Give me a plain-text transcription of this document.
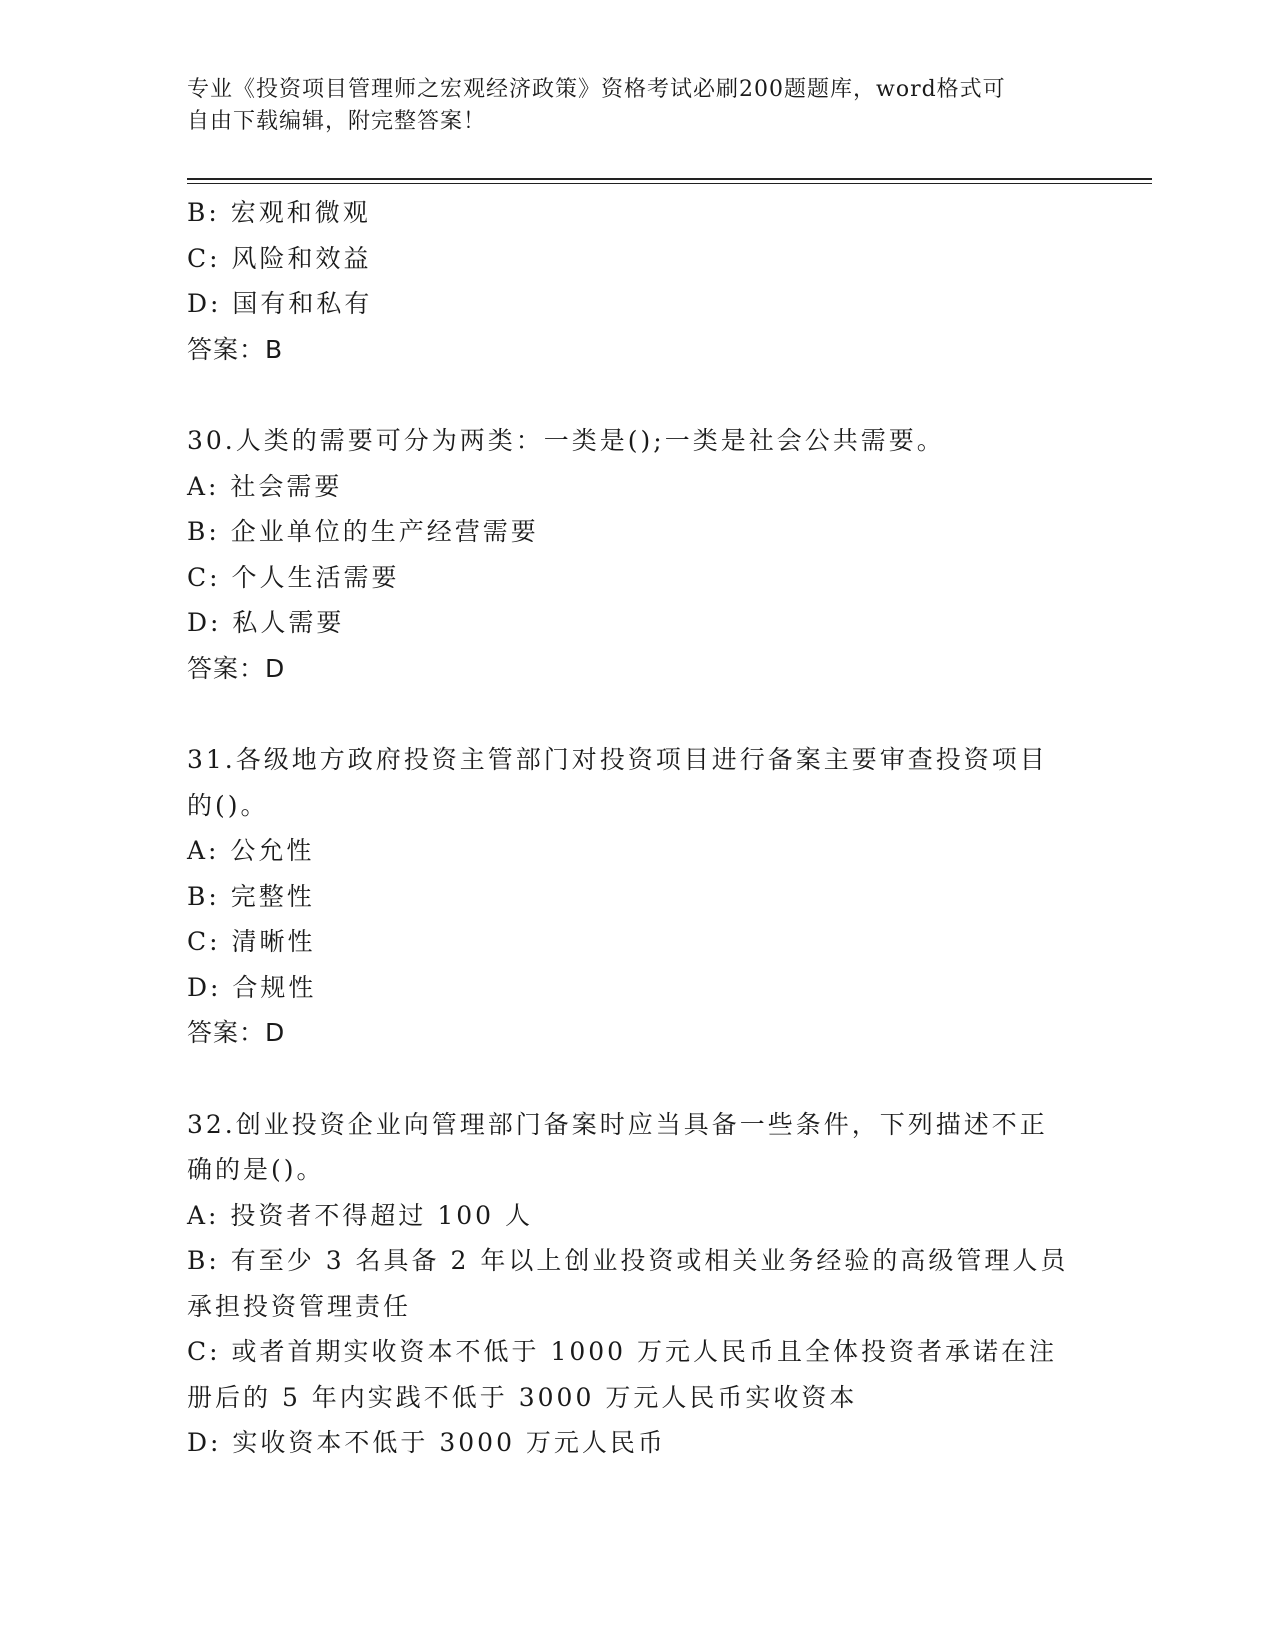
专业《投资项目管理师之宏观经济政策》资格考试必刷200题题库，word格式可
自由下载编辑，附完整答案！
B: 宏观和微观
C: 风险和效益
D: 国有和私有
答案：B
30.人类的需要可分为两类：一类是();一类是社会公共需要。
A: 社会需要
B: 企业单位的生产经营需要
C: 个人生活需要
D: 私人需要
答案：D
31.各级地方政府投资主管部门对投资项目进行备案主要审查投资项目
的()。
A: 公允性
B: 完整性
C: 清晰性
D: 合规性
答案：D
32.创业投资企业向管理部门备案时应当具备一些条件，下列描述不正
确的是()。
A: 投资者不得超过 100 人
B: 有至少 3 名具备 2 年以上创业投资或相关业务经验的高级管理人员
承担投资管理责任
C: 或者首期实收资本不低于 1000 万元人民币且全体投资者承诺在注
册后的 5 年内实践不低于 3000 万元人民币实收资本
D: 实收资本不低于 3000 万元人民币
